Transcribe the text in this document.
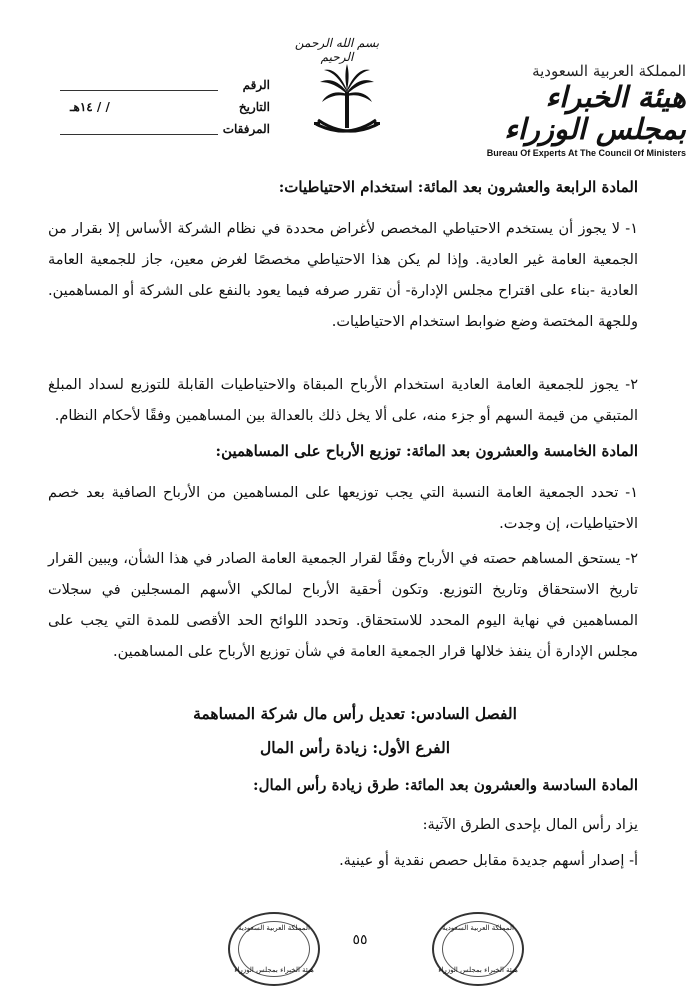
بسم الله الرحمن الرحيم
المملكة العربية السعودية
هيئة الخبراء بمجلس الوزراء
Bureau Of Experts At The Council Of Ministers
الرقم
التاريخ
/ / ١٤هـ
المرفقات
المادة الرابعة والعشرون بعد المائة: استخدام الاحتياطيات:
١- لا يجوز أن يستخدم الاحتياطي المخصص لأغراض محددة في نظام الشركة الأساس إلا بقرار من الجمعية العامة غير العادية. وإذا لم يكن هذا الاحتياطي مخصصًا لغرض معين، جاز للجمعية العامة العادية -بناء على اقتراح مجلس الإدارة- أن تقرر صرفه فيما يعود بالنفع على الشركة أو المساهمين. وللجهة المختصة وضع ضوابط استخدام الاحتياطيات.
٢- يجوز للجمعية العامة العادية استخدام الأرباح المبقاة والاحتياطيات القابلة للتوزيع لسداد المبلغ المتبقي من قيمة السهم أو جزء منه، على ألا يخل ذلك بالعدالة بين المساهمين وفقًا لأحكام النظام.
المادة الخامسة والعشرون بعد المائة: توزيع الأرباح على المساهمين:
١- تحدد الجمعية العامة النسبة التي يجب توزيعها على المساهمين من الأرباح الصافية بعد خصم الاحتياطيات، إن وجدت.
٢- يستحق المساهم حصته في الأرباح وفقًا لقرار الجمعية العامة الصادر في هذا الشأن، ويبين القرار تاريخ الاستحقاق وتاريخ التوزيع. وتكون أحقية الأرباح لمالكي الأسهم المسجلين في سجلات المساهمين في نهاية اليوم المحدد للاستحقاق. وتحدد اللوائح الحد الأقصى للمدة التي يجب على مجلس الإدارة أن ينفذ خلالها قرار الجمعية العامة في شأن توزيع الأرباح على المساهمين.
الفصل السادس: تعديل رأس مال شركة المساهمة
الفرع الأول: زيادة رأس المال
المادة السادسة والعشرون بعد المائة: طرق زيادة رأس المال:
يزاد رأس المال بإحدى الطرق الآتية:
أ- إصدار أسهم جديدة مقابل حصص نقدية أو عينية.
المملكة العربية السعودية
هيئة الخبراء بمجلس الوزراء
٥٥
المملكة العربية السعودية
هيئة الخبراء بمجلس الوزراء
